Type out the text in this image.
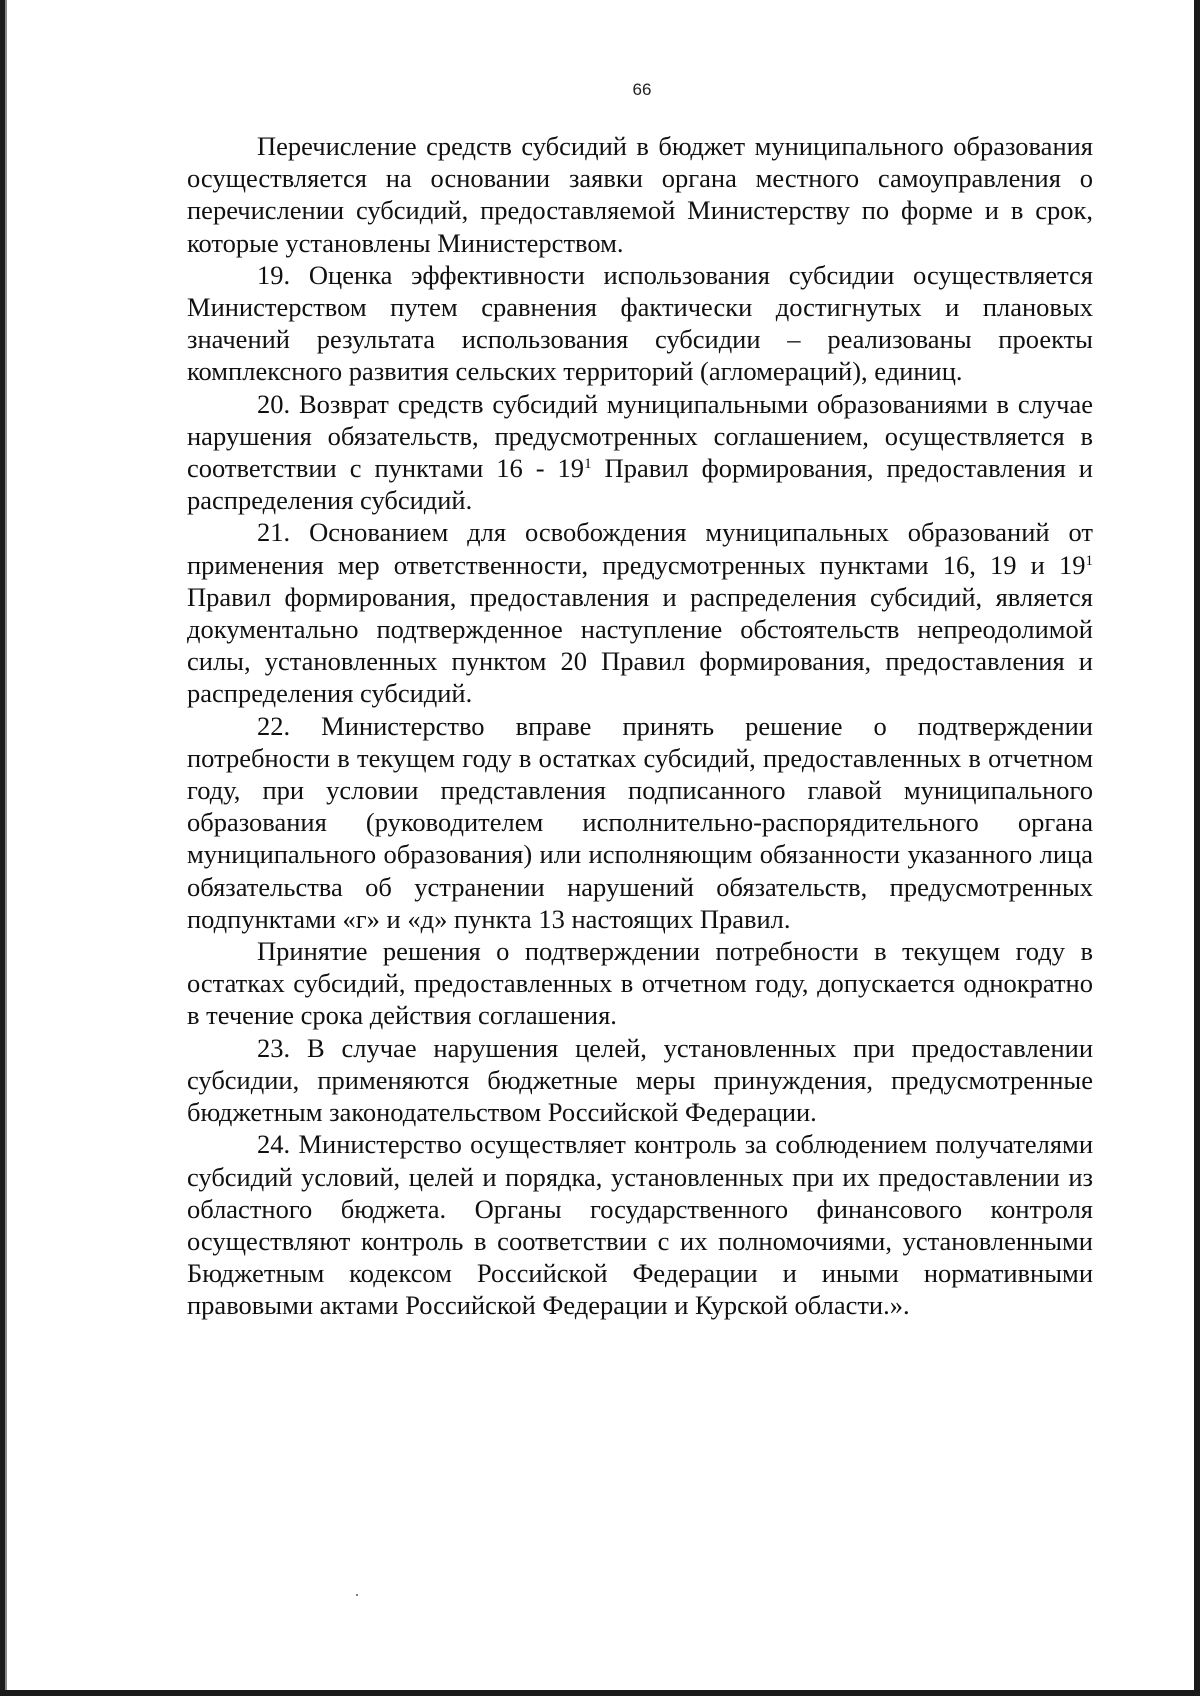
66

Перечисление средств субсидий в бюджет муниципального образования осуществляется на основании заявки органа местного самоуправления о перечислении субсидий, предоставляемой Министерству по форме и в срок, которые установлены Министерством.

19. Оценка эффективности использования субсидии осуществляется Министерством путем сравнения фактически достигнутых и плановых значений результата использования субсидии – реализованы проекты комплексного развития сельских территорий (агломераций), единиц.

20. Возврат средств субсидий муниципальными образованиями в случае нарушения обязательств, предусмотренных соглашением, осуществляется в соответствии с пунктами $16 - 19^1$ Правил формирования, предоставления и распределения субсидий.

21. Основанием для освобождения муниципальных образований от применения мер ответственности, предусмотренных пунктами 16, 19 и $19^1$ Правил формирования, предоставления и распределения субсидий, является документально подтвержденное наступление обстоятельств непреодолимой силы, установленных пунктом 20 Правил формирования, предоставления и распределения субсидий.

22. Министерство вправе принять решение о подтверждении потребности в текущем году в остатках субсидий, предоставленных в отчетном году, при условии представления подписанного главой муниципального образования (руководителем исполнительно-распорядительного органа муниципального образования) или исполняющим обязанности указанного лица обязательства об устранении нарушений обязательств, предусмотренных подпунктами «г» и «д» пункта 13 настоящих Правил.

Принятие решения о подтверждении потребности в текущем году в остатках субсидий, предоставленных в отчетном году, допускается однократно в течение срока действия соглашения.

23. В случае нарушения целей, установленных при предоставлении субсидии, применяются бюджетные меры принуждения, предусмотренные бюджетным законодательством Российской Федерации.

24. Министерство осуществляет контроль за соблюдением получателями субсидий условий, целей и порядка, установленных при их предоставлении из областного бюджета. Органы государственного финансового контроля осуществляют контроль в соответствии с их полномочиями, установленными Бюджетным кодексом Российской Федерации и иными нормативными правовыми актами Российской Федерации и Курской области.».
